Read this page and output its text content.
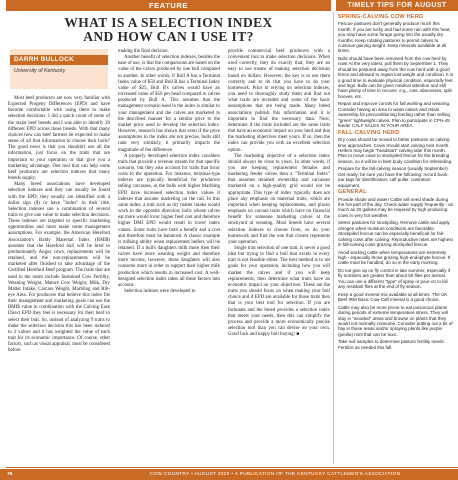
FEATURE	TIMELY TIPS FOR AUGUST
WHAT IS A SELECTION INDEX
AND HOW CAN I USE IT?
DARRH BULLOCK
University of Kentucky

Most beef producers are now very familiar with Expected Progeny Differences (EPD) and have become comfortable with using them to make selection decisions. I did a quick count of some of the major beef breeds and I was able to identify 20 different EPD across those breeds. With that many choices how can beef farmers be expected to make sense of all that information to choose their bulls? The good news is that you shouldn't use all the information, just focus on the traits that are important to your operation or that give you a marketing advantage. One tool that can help some beef producers are selection indexes that many breeds supply.

Many breed associations have developed selection indexes and they can usually be found with the EPD; they usually are identified with a dollar sign ($) or have "Index" in their title. Selection indexes use a combination of several traits to give one value to make selection decisions. These indexes are targeted to specific marketing opportunities and must make some management assumptions. For example, the American Hereford Association's Baldy Maternal Index (BMI$) assumes that the Hereford bull will be bred to predominantly Angus cows, replacements will be retained, and the non-replacements will be marketed after finished to take advantage of the Certified Hereford Beef program. The traits that are used in the index include Sustained Cow Fertility, Weaning Weight, Mature Cow Weight, Milk, Dry Matter Intake, Carcass Weight, Marbling and Rib-eye Area. For producers that believe this index fits their management and marketing goals can use the BMI$ value in combination with the Calving Ease Direct EPD they feel is necessary for their herd to select their bull. So, instead of analyzing 9 traits to make the selection decision this has been reduced to 2 values and it has weighted the value of each trait for its economic importance. Of course, other factors, such as visual appraisal, must be considered before

making the final decision.

Another benefit of selection indexes, besides the ease of use, is that the comparisons are based on the value of the calves produced by one bull compared to another. In other words, if Bull A has a Terminal Index value of $50 and Bull B has a Terminal Index value of $25, Bull B's calves would have an increased value of $50 per head compared to calves produced by Bull A. This assumes that the management scenario used in the index is similar to your management and the calves are marketed in the described manner for a similar price to the market price used to develop the selection index. However, research has shown that even if the price assumptions in the index are not precise, bulls still rank very similarly, it primarily impacts the magnitude of the difference.

A properly developed selection index considers traits that provide a revenue stream for that specific scenario, but they also account for traits that incur costs to the operation. For instance, terminal-type indexes are typically beneficial for producers selling carcasses, as the bulls with higher Marbling EPD have increased selection index values it indexes that assume marketing on the rail. In this same index, a trait such as dry matter intake would work in the opposite direction; bulls whose calves eat more would incur higher feed cost and therefore higher DMI EPD would result in lower index values. Some traits have both a benefit and a cost and therefore must be balanced. A classic example is milking ability when replacement heifers will be retained. If a bull's daughters milk more then their calves have more weaning weight and therefore more income, however, those daughters will also consume more in order to support their higher milk production which results in increased cost. A well-designed selection index takes all these factors into account.

Selection indexes were developed to

provide commercial beef producers with a convenient tool to make selection decisions. When used correctly, they do exactly that; they are an easy to use means of making selection decisions based on dollars. However, the key is to use them correctly and to do that you have to do your homework. Prior to relying on selection indexes, you need to thoroughly study them and find out what traits are included and some of the basic assumptions that are being made. Many breed associations publish this information and it is important to find the necessary data. Next, determine if the traits included are the same traits that have an economic impact on your herd and that the marketing objectives meet yours. If so, then the index can provide you with an excellent selection option.

The marketing objective of a selection index should always be close to yours. In other words, if you are keeping replacement females and marketing feeder calves then a "Terminal Index" that assumes retained ownership and carcasses marketed on a high-quality grid would not be appropriate. This type of index typically does not place any emphasis on maternal traits, which are important when keeping replacements, and places emphasis on carcass traits which have no financial benefit for someone marketing calves at the stockyard at weaning. Most breeds have several selection indexes to choose from, so do your homework and find the one that closest represents your operation.

Single trait selection of one trait, is never a good idea but trying to find a bull that excels in every trait is not feasible either. The best method is to set goals for your operation, including how you will market the calves and if you will keep replacements, then determine what traits have an economic impact on your objectives. These are the traits you should focus on when making your bull choice and if EPD are available for those traits then that is your best tool for selection. If you are fortunate and the breed provides a selection index that meets your needs, then this can simplify the process and provide a more economically precise selection tool than you can devise on your own. Good luck and happy bull buying! ■

SPRING-CALVING COW HERD

Fescue pastures don't generally produce much this month. If you are lucky and had some rain with this heat, you may have some forage going into the usually dry months. Keep rotating pastures to permit calves to continue gaining weight. Keep minerals available at all times.

Bulls should have been removed from the cow herd by now! At the very latest, pull them by September 1. They should be pastured away from the cow herd with a good fence and allowed to regain lost weight and condition. It is a good time to evaluate physical condition, especially feet and legs. Bulls can be given medical attention and still have plenty of time to recover, e.g., cuts, abscesses, split hooves, etc.

Repair and improve corrals for fall working and weaning. Consider having an area to wean calves and retain ownership for preconditioning feeding rather than selling "green" lightweight calves. Plan to participate in CPH-45 feeder CALF SALES IN YOUR AREA.

FALL-CALVING HERD

Dry cows should be moved to better pastures as calving time approaches. Cows should start calving next month. Heifers may begin "headstart" calving later this month. Plan to move cows to stockpiled fescue for the breeding season, so it will be in best body condition for rebreeding.

Prepare for the fall-calving season (usually September). Get ready; be sure you have the following: record book, ear tags for identification, calf puller, castration equipment.

GENERAL

Provide shade and water! Cattle will need shade during the hot part of the day. Check water supply frequently - as much as 20 gallons may be required by high producing cows in very hot weather.

Select pastures for stockpiling. Remove cattle and apply nitrogen when moisture conditions are favorable. Stockpiled fescue can be especially beneficial for fall-calving cows after calving. Reproductive rates are highest in fall-calving cows grazing stockpiled fescue.

Avoid working cattle when temperatures are extremely high - especially those grazing high-endophyte fescue. If cattle must be handled, do so in the early morning.

Do not give up on fly control in late summer, especially if fly numbers are greater than about 50 flies per animal. You can use a different "type" of spray or pour-on to kill any resistant flies at the end of fly season.

Keep a good mineral mix available at all times. The UK Beef IRM Basic Cow-Calf mineral is a good choice.

Cattle may also be more prone to eat poisonous plants during periods of extreme temperature stress. They will stay in "wooded" areas and browse on plants that they would not normally consume. Consider putting out a bit of hay in these areas and/or spraying plants like purple (perilla) mint that can be toxic.

Take soil samples to determine pasture fertility needs. Fertilize as needed this fall.

76	COW COUNTRY • AUGUST 2020 • A PUBLICATION OF THE KENTUCKY CATTLEMEN'S ASSOCIATION
